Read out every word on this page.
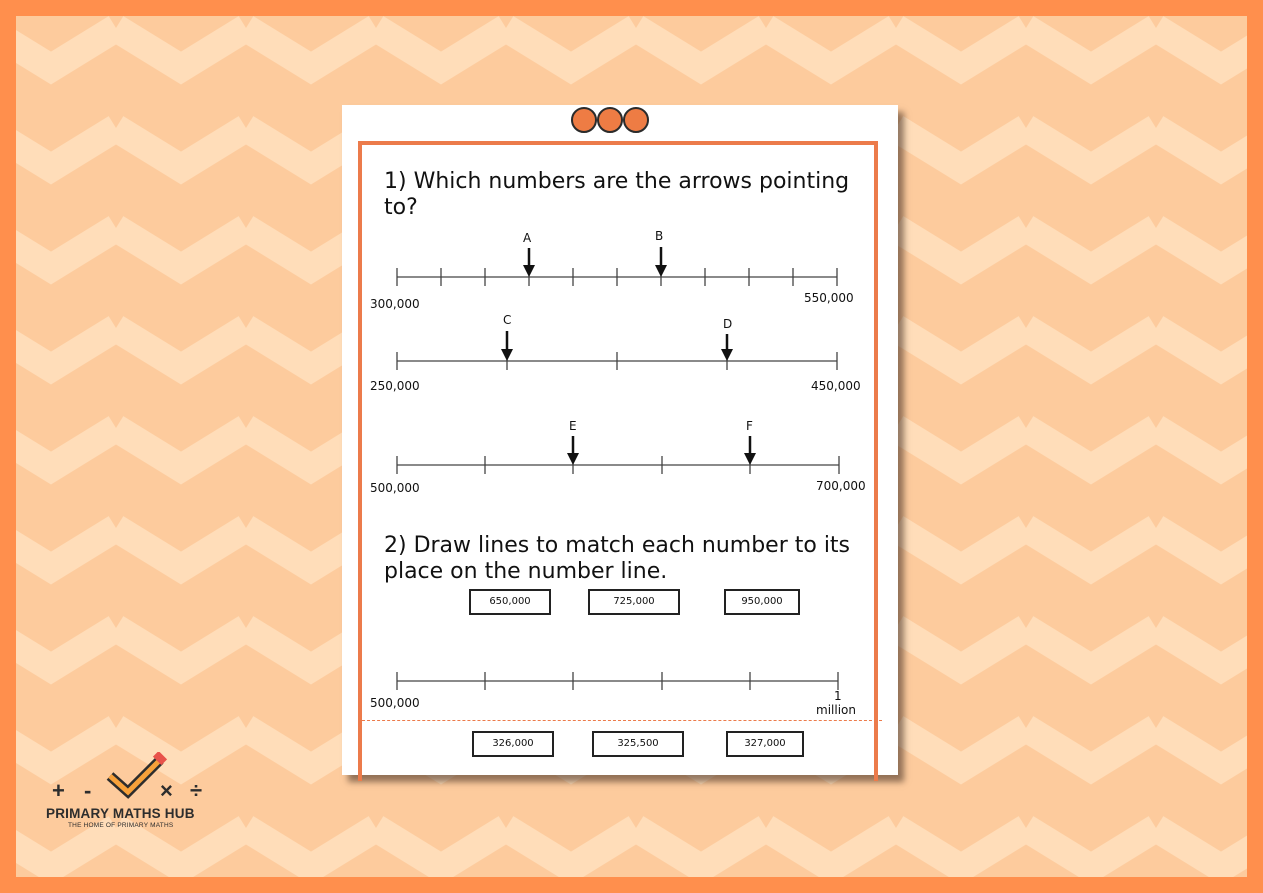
1) Which numbers are the arrows pointing to?

300,000	550,000
A	B
250,000	450,000
C	D
500,000	700,000
E	F
500,000	1
million

2) Draw lines to match each number to its place on the number line.

650,000	725,000	950,000
326,000	325,500	327,000
+ -	× ÷
PRIMARY MATHS HUB
THE HOME OF PRIMARY MATHS
